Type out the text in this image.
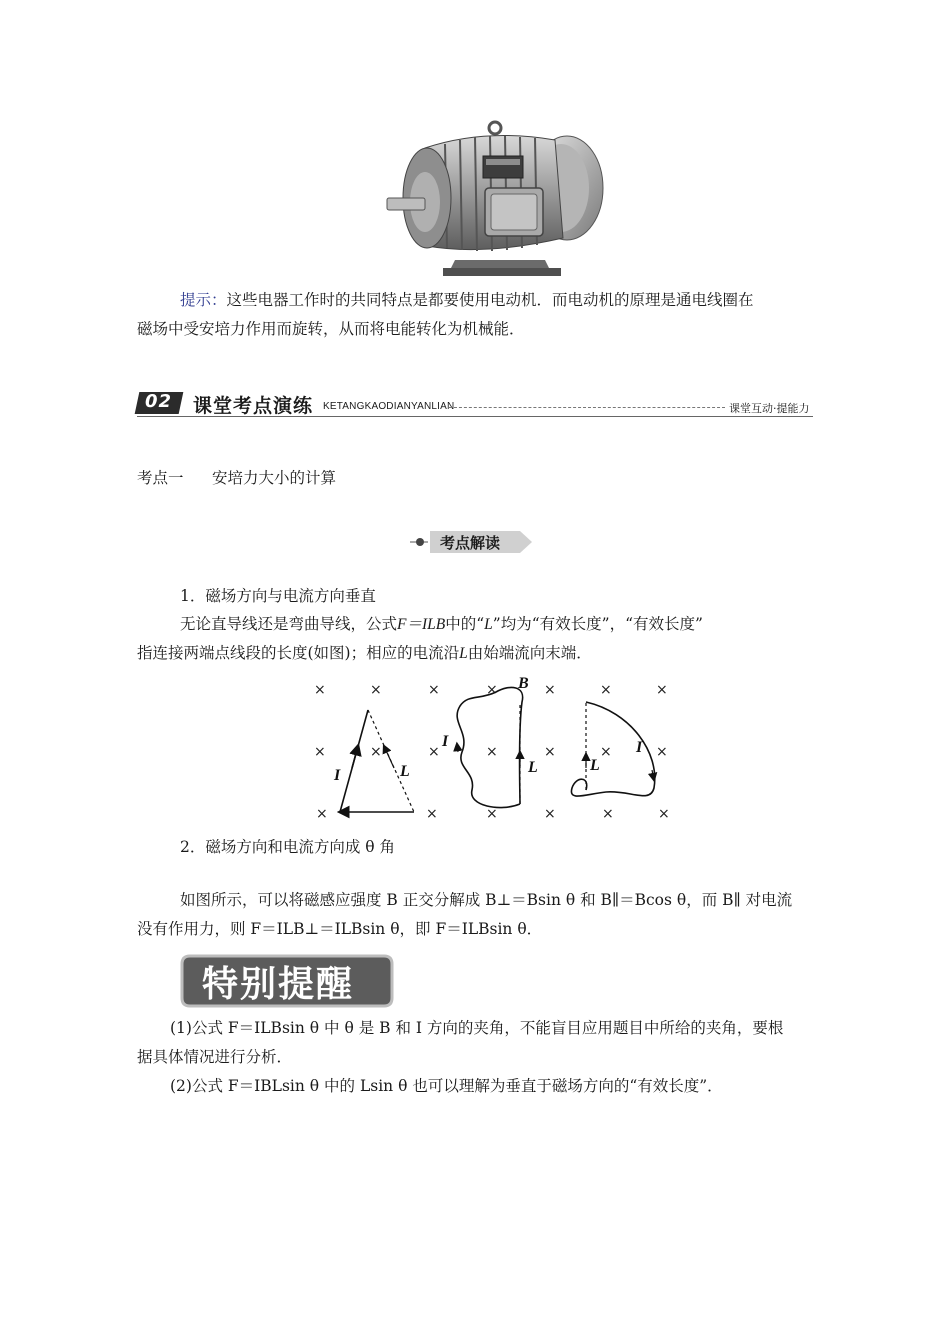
提示：这些电器工作时的共同特点是都要使用电动机．而电动机的原理是通电线圈在
磁场中受安培力作用而旋转，从而将电能转化为机械能．
02 课堂考点演练 KETANGKAODIANYANLIAN	课堂互动·提能力
考点一 安培力大小的计算
考点解读
1．磁场方向与电流方向垂直
无论直导线还是弯曲导线，公式F＝ILB中的“L”均为“有效长度”，“有效长度”
指连接两端点线段的长度(如图)；相应的电流沿L由始端流向末端．
×	×	×	×	×	×	×
×	×	×	×	×	×	×
×	×	×	×	×	×
B
I	L
I
L
I
L
2．磁场方向和电流方向成 θ 角
如图所示，可以将磁感应强度 B 正交分解成 B⊥＝Bsin θ 和 B∥＝Bcos θ，而 B∥ 对电流
没有作用力，则 F＝ILB⊥＝ILBsin θ，即 F＝ILBsin θ．
特别提醒
(1)公式 F＝ILBsin θ 中 θ 是 B 和 I 方向的夹角，不能盲目应用题目中所给的夹角，要根
据具体情况进行分析．
(2)公式 F＝IBLsin θ 中的 Lsin θ 也可以理解为垂直于磁场方向的“有效长度”．
